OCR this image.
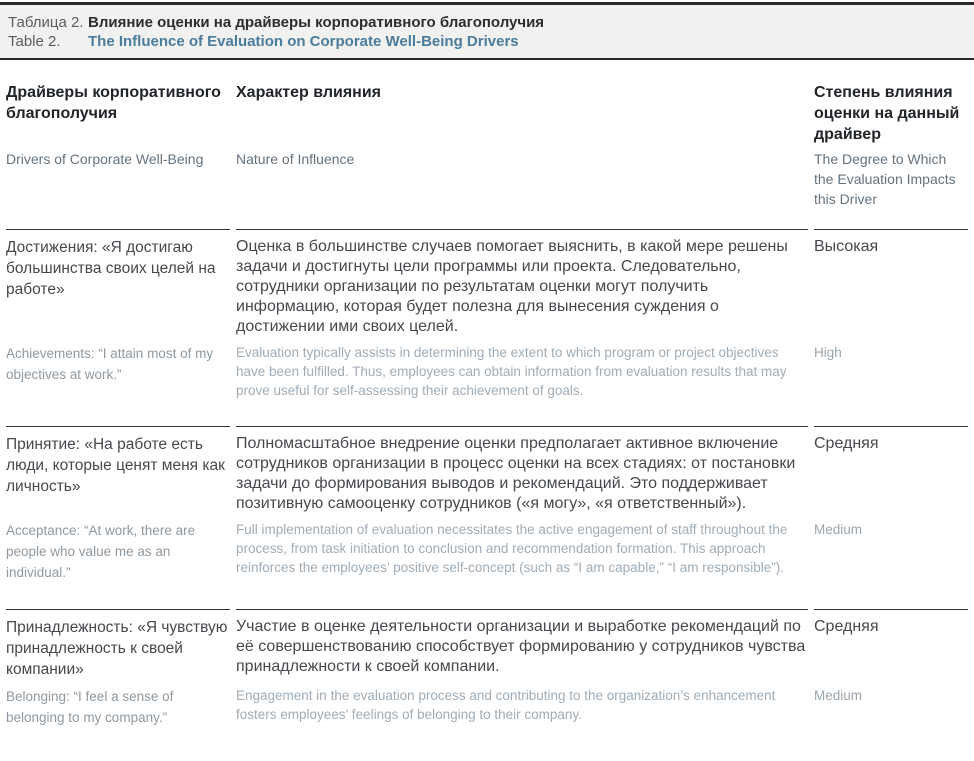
Таблица 2. Влияние оценки на драйверы корпоративного благополучия
Table 2.	The Influence of Evaluation on Corporate Well-Being Drivers
Драйверы корпоративного благополучия	Характер влияния	Степень влияния оценки на данный драйвер
Drivers of Corporate Well-Being	Nature of Influence	The Degree to Which the Evaluation Impacts this Driver
Достижения: «Я достигаю большинства своих целей на работе»	Оценка в большинстве случаев помогает выяснить, в какой мере решены задачи и достигнуты цели программы или проекта. Следовательно, сотрудники организации по результатам оценки могут получить информацию, которая будет полезна для вынесения суждения о достижении ими своих целей.	Высокая
Achievements: “I attain most of my objectives at work.”	Evaluation typically assists in determining the extent to which program or project objectives have been fulfilled. Thus, employees can obtain information from evaluation results that may prove useful for self-assessing their achievement of goals.	High
Принятие: «На работе есть люди, которые ценят меня как личность»	Полномасштабное внедрение оценки предполагает активное включение сотрудников организации в процесс оценки на всех стадиях: от постановки задачи до формирования выводов и рекомендаций. Это поддерживает позитивную самооценку сотрудников («я могу», «я ответственный»).	Средняя
Acceptance: “At work, there are people who value me as an individual.”	Full implementation of evaluation necessitates the active engagement of staff throughout the process, from task initiation to conclusion and recommendation formation. This approach reinforces the employees’ positive self-concept (such as “I am capable,” “I am responsible”).	Medium
Принадлежность: «Я чувствую принадлежность к своей компании»	Участие в оценке деятельности организации и выработке рекомендаций по её совершенствованию способствует формированию у сотрудников чувства принадлежности к своей компании.	Средняя
Belonging: “I feel a sense of belonging to my company.”	Engagement in the evaluation process and contributing to the organization’s enhancement fosters employees’ feelings of belonging to their company.	Medium
